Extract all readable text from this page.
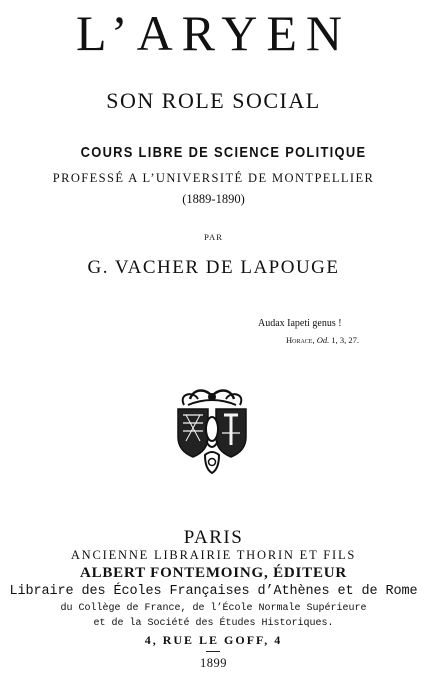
L’ARYEN
SON ROLE SOCIAL
COURS LIBRE DE SCIENCE POLITIQUE
PROFESSÉ A L’UNIVERSITÉ DE MONTPELLIER
(1889-1890)
PAR
G. VACHER DE LAPOUGE
Audax Iapeti genus !
Horace, Od. 1, 3, 27.
PARIS
ANCIENNE LIBRAIRIE THORIN ET FILS
ALBERT FONTEMOING, ÉDITEUR
Libraire des Écoles Françaises d’Athènes et de Rome
du Collège de France, de l’École Normale Supérieure
et de la Société des Études Historiques.
4, RUE LE GOFF, 4
1899
